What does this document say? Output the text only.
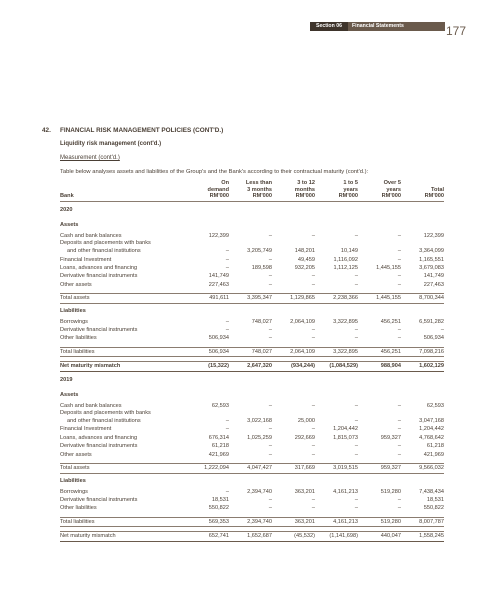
Section 06	Financial Statements	177
42. FINANCIAL RISK MANAGEMENT POLICIES (CONT'D.)
Liquidity risk management (cont'd.)
Measurement (cont'd.)
Table below analyses assets and liabilities of the Group's and the Bank's according to their contractual maturity (cont'd.):
Bank	On
demand
RM'000	Less than
3 months
RM'000	3 to 12
months
RM'000	1 to 5
years
RM'000	Over 5
years
RM'000	Total
RM'000
2020						
Assets						
Cash and bank balances	122,399	–	–	–	–	122,399
Deposits and placements with banks						
and other financial institutions	–	3,205,749	148,201	10,149	–	3,364,099
Financial Investment	–	–	49,459	1,116,092	–	1,165,551
Loans, advances and financing	–	189,598	932,205	1,112,125	1,445,155	3,679,083
Derivative financial instruments	141,749	–	–	–	–	141,749
Other assets	227,463	–	–	–	–	227,463

Total assets	491,611	3,395,347	1,129,865	2,238,366	1,445,155	8,700,344
Liabilities						
Borrowings	–	748,027	2,064,109	3,322,895	456,251	6,591,282
Derivative financial instruments	–	–	–	–	–	–
Other liabilities	506,934	–	–	–	–	506,934

Total liabilities	506,934	748,027	2,064,109	3,322,895	456,251	7,098,216

Net maturity mismatch	(15,322)	2,647,320	(934,244)	(1,084,529)	988,904	1,602,129
2019						
Assets						
Cash and bank balances	62,593	–	–	–	–	62,593
Deposits and placements with banks						
and other financial institutions	–	3,022,168	25,000	–	–	3,047,168
Financial Investment	–	–	–	1,204,442	–	1,204,442
Loans, advances and financing	676,314	1,025,259	292,669	1,815,073	959,327	4,768,642
Derivative financial instruments	61,218	–	–	–	–	61,218
Other assets	421,969	–	–	–	–	421,969

Total assets	1,222,094	4,047,427	317,669	3,019,515	959,327	9,566,032
Liabilities						
Borrowings	–	2,394,740	363,201	4,161,213	519,280	7,438,434
Derivative financial instruments	18,531	–	–	–	–	18,531
Other liabilities	550,822	–	–	–	–	550,822

Total liabilities	569,353	2,394,740	363,201	4,161,213	519,280	8,007,787

Net maturity mismatch	652,741	1,652,687	(45,532)	(1,141,698)	440,047	1,558,245
